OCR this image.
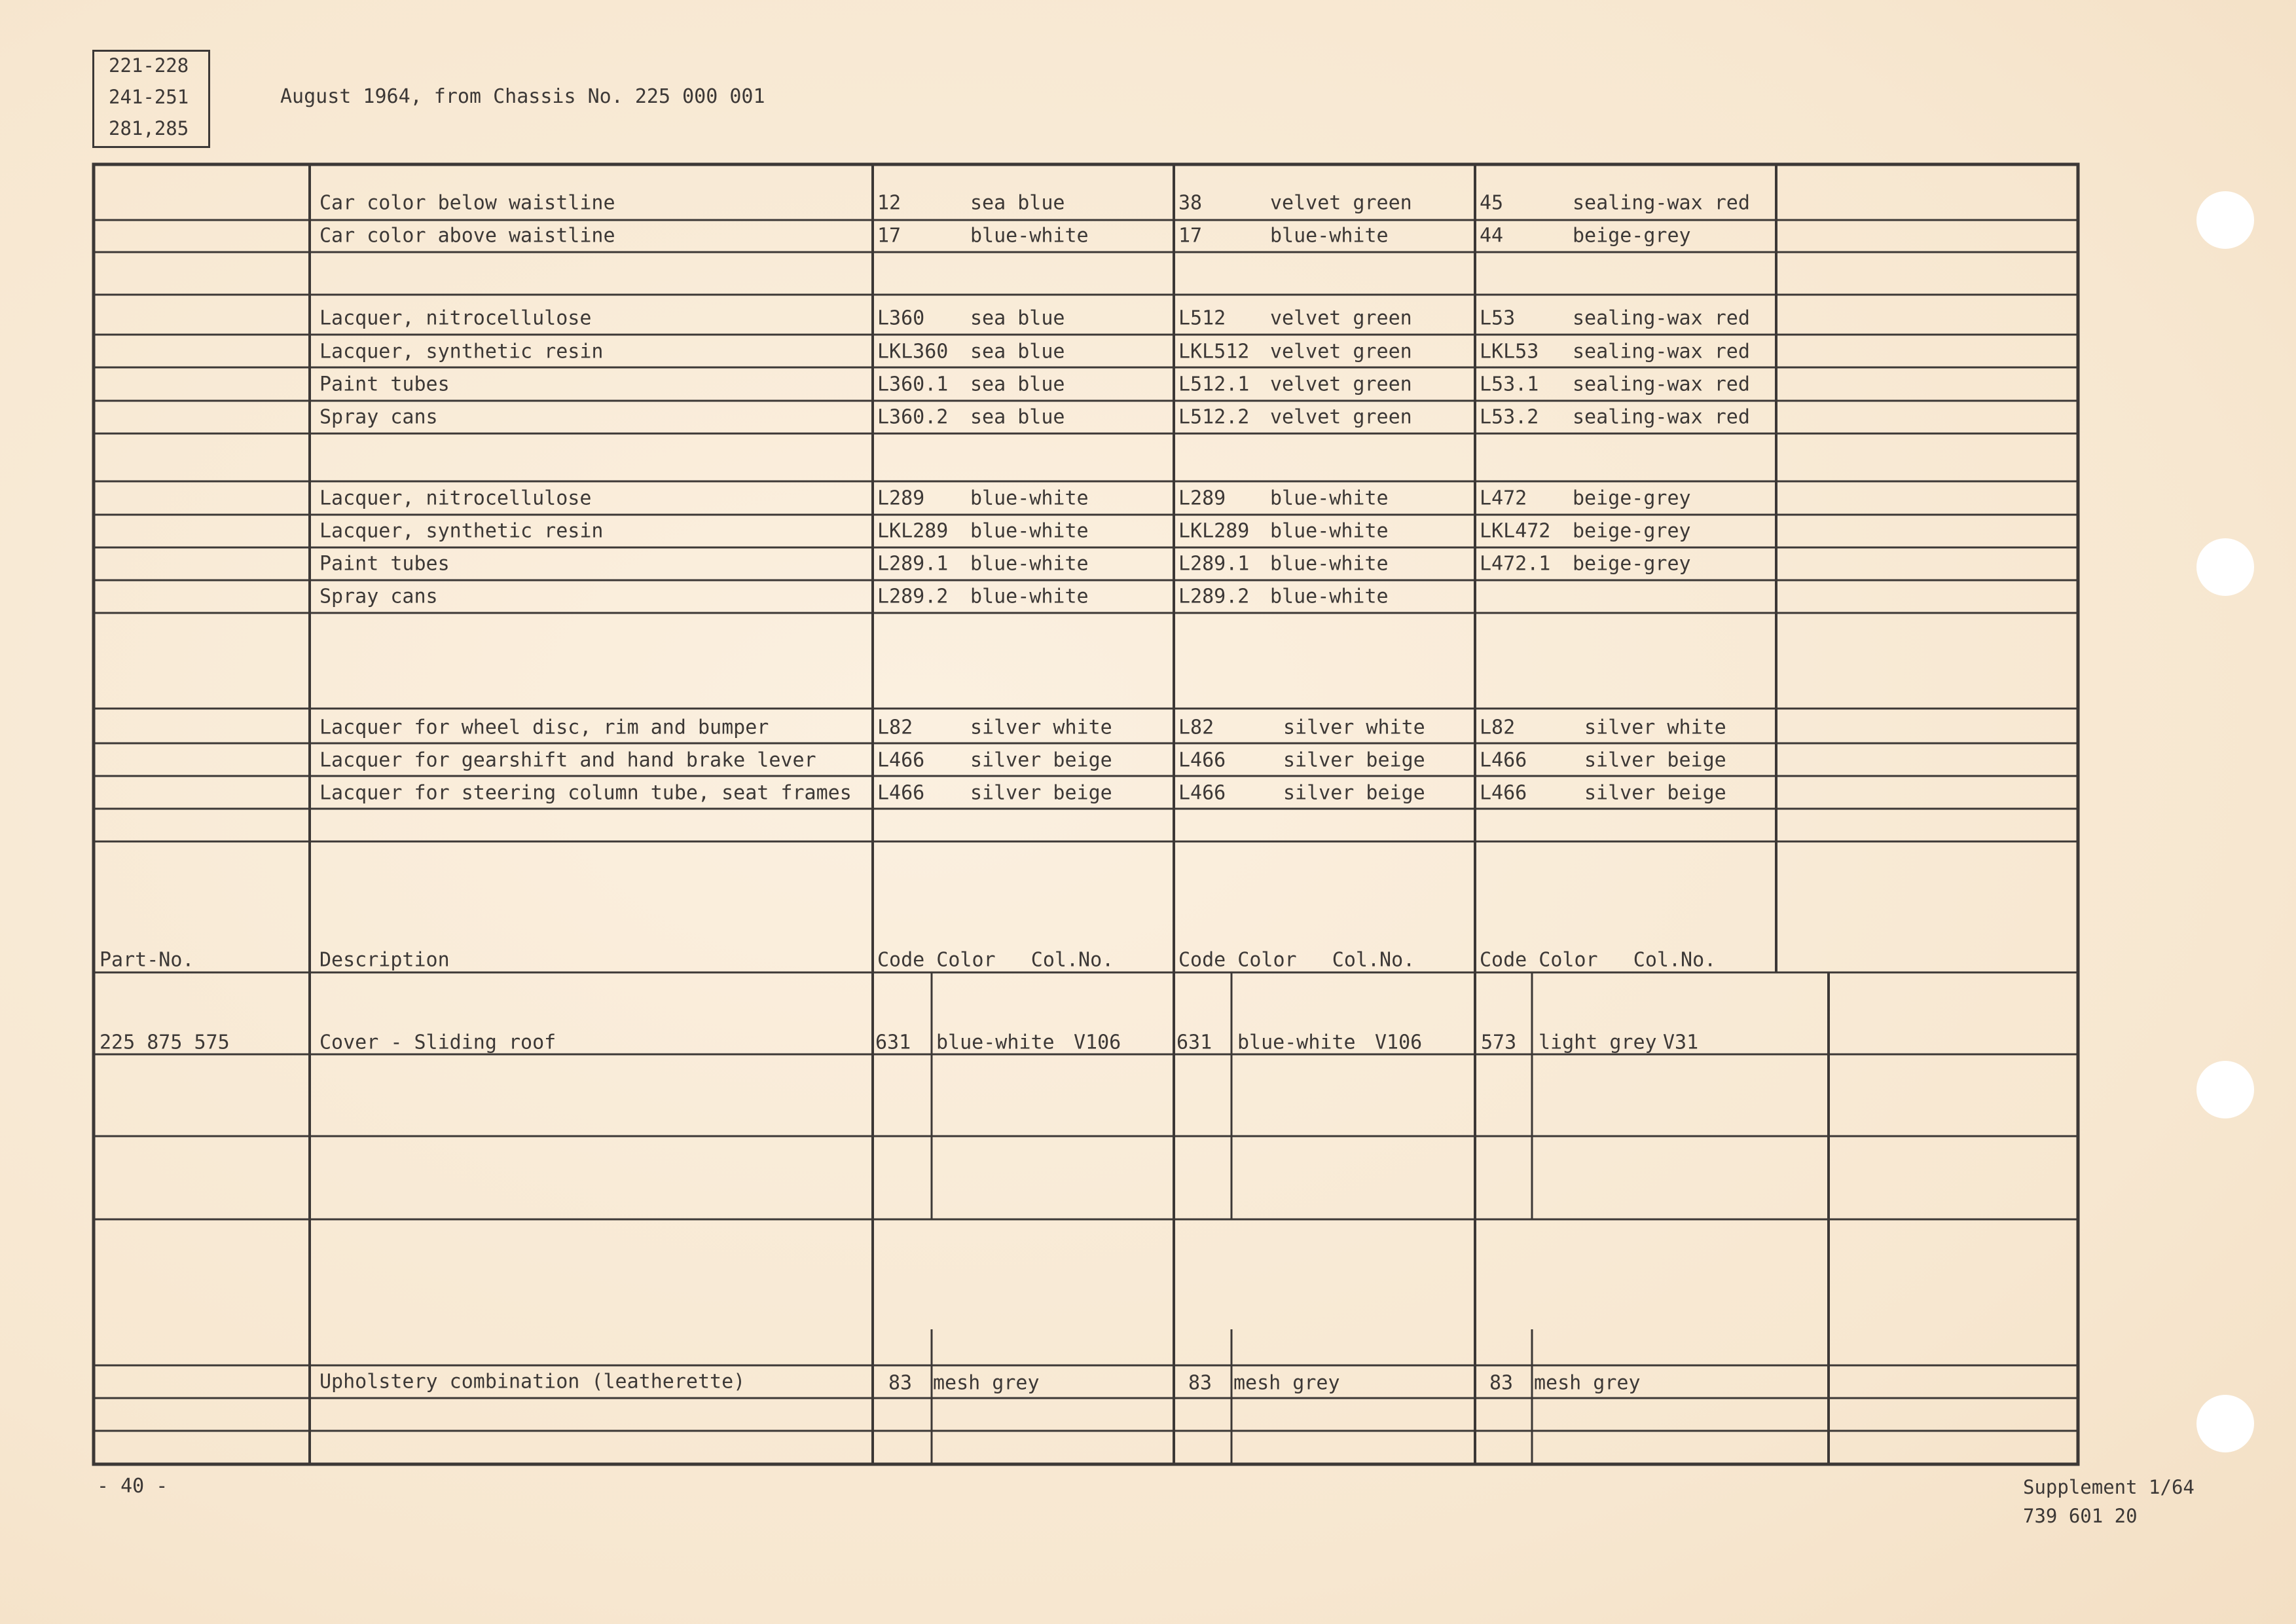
221-228
241-251
281,285
August 1964, from Chassis No. 225 000 001
Car color below waistline	12	sea blue	38	velvet green	45	sealing-wax red
Car color above waistline	17	blue-white	17	blue-white	44	beige-grey
Lacquer, nitrocellulose	L360 sea blue	L512 velvet green	L53	sealing-wax red
Lacquer, synthetic resin	LKL360 sea blue	LKL512 velvet green	LKL53 sealing-wax red
Paint tubes	L360.1 sea blue	L512.1 velvet green	L53.1 sealing-wax red
Spray cans	L360.2 sea blue	L512.2 velvet green	L53.2 sealing-wax red
Lacquer, nitrocellulose	L289 blue-white	L289 blue-white	L472 beige-grey
Lacquer, synthetic resin	LKL289 blue-white	LKL289 blue-white	LKL472 beige-grey
Paint tubes	L289.1 blue-white	L289.1 blue-white	L472.1 beige-grey
Spray cans	L289.2 blue-white	L289.2 blue-white
Lacquer for wheel disc, rim and bumper	L82	silver white	L82	silver white	L82	silver white
Lacquer for gearshift and hand brake lever	L466 silver beige	L466	silver beige	L466	silver beige
Lacquer for steering column tube, seat frames L466 silver beige	L466	silver beige	L466	silver beige
Part-No.	Description	Code Color   Col.No.	Code Color   Col.No.	Code Color   Col.No.
225 875 575	Cover - Sliding roof	631 blue-white V106	631 blue-white V106	573 light grey V31
Upholstery combination (leatherette)	83 mesh grey	83 mesh grey	83 mesh grey
- 40 -	Supplement 1/64
739 601 20
